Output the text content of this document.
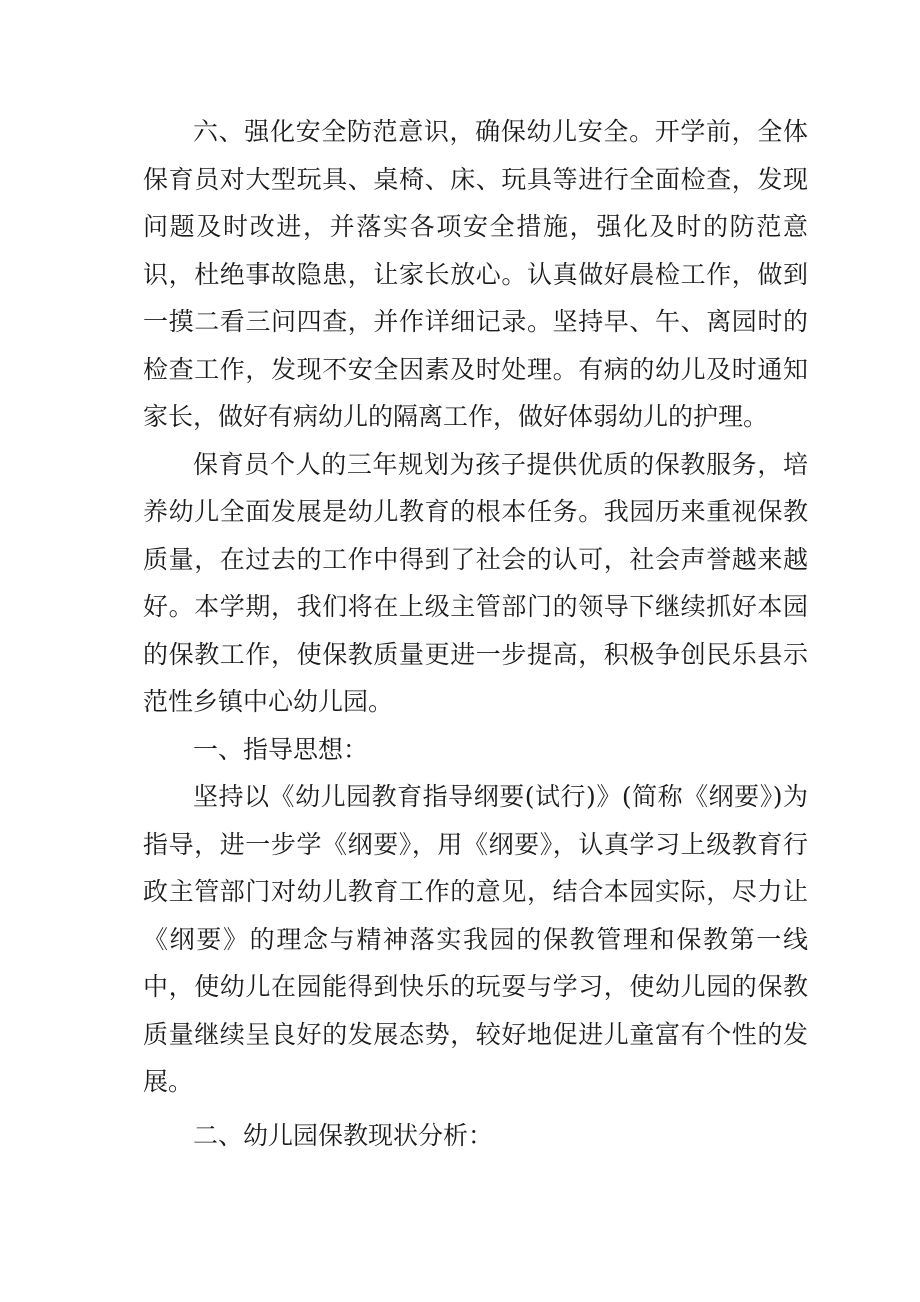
六、强化安全防范意识，确保幼儿安全。开学前，全体保育员对大型玩具、桌椅、床、玩具等进行全面检查，发现问题及时改进，并落实各项安全措施，强化及时的防范意识，杜绝事故隐患，让家长放心。认真做好晨检工作，做到一摸二看三问四查，并作详细记录。坚持早、午、离园时的检查工作，发现不安全因素及时处理。有病的幼儿及时通知家长，做好有病幼儿的隔离工作，做好体弱幼儿的护理。

保育员个人的三年规划为孩子提供优质的保教服务，培养幼儿全面发展是幼儿教育的根本任务。我园历来重视保教质量，在过去的工作中得到了社会的认可，社会声誉越来越好。本学期，我们将在上级主管部门的领导下继续抓好本园的保教工作，使保教质量更进一步提高，积极争创民乐县示范性乡镇中心幼儿园。

一、指导思想：

坚持以《幼儿园教育指导纲要(试行)》(简称《纲要》)为指导，进一步学《纲要》，用《纲要》，认真学习上级教育行政主管部门对幼儿教育工作的意见，结合本园实际，尽力让《纲要》的理念与精神落实我园的保教管理和保教第一线中，使幼儿在园能得到快乐的玩耍与学习，使幼儿园的保教质量继续呈良好的发展态势，较好地促进儿童富有个性的发展。

二、幼儿园保教现状分析：
